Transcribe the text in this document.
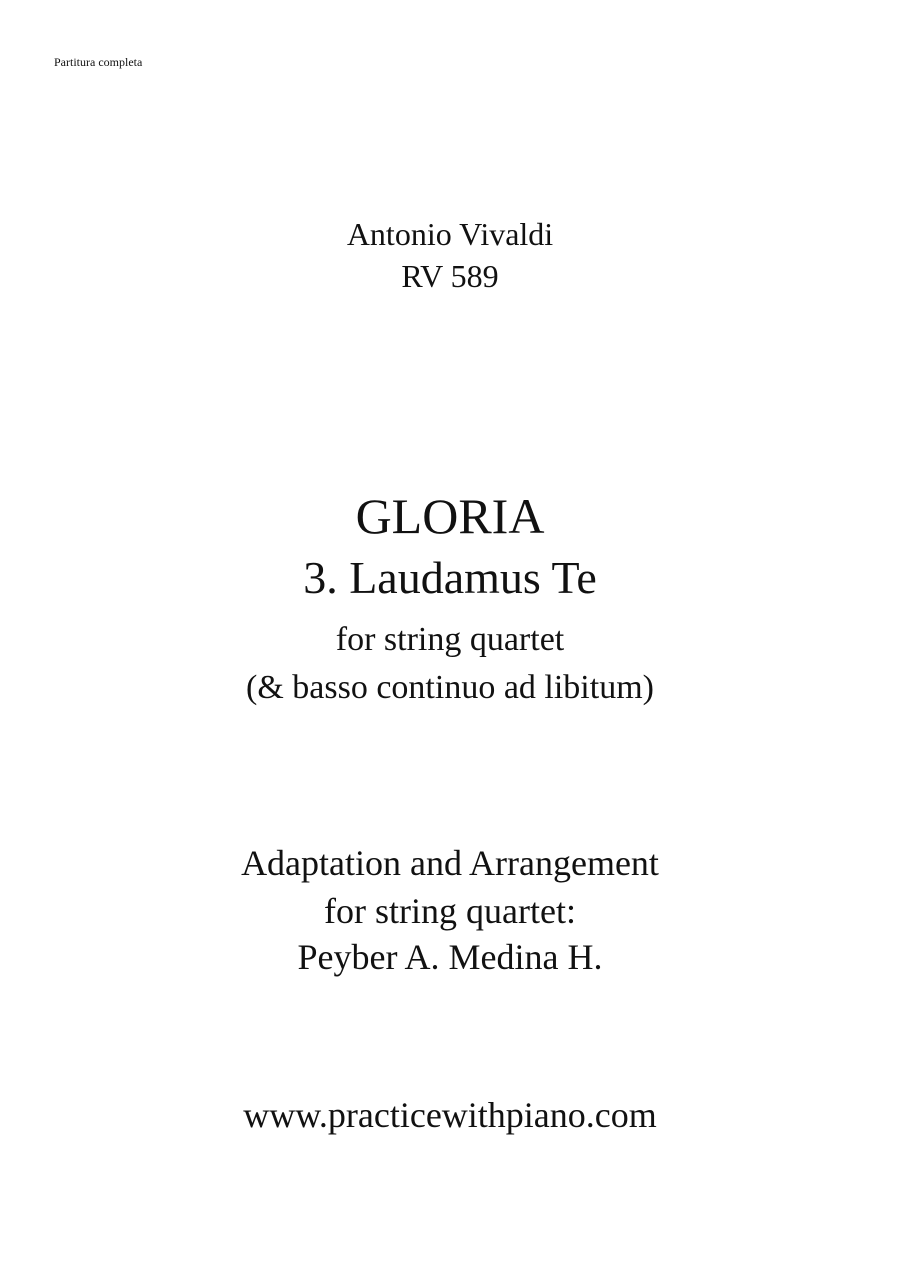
Partitura completa
Antonio Vivaldi
RV 589
GLORIA
3. Laudamus Te
for string quartet
(& basso continuo ad libitum)
Adaptation and Arrangement
for string quartet:
Peyber A. Medina H.
www.practicewithpiano.com
